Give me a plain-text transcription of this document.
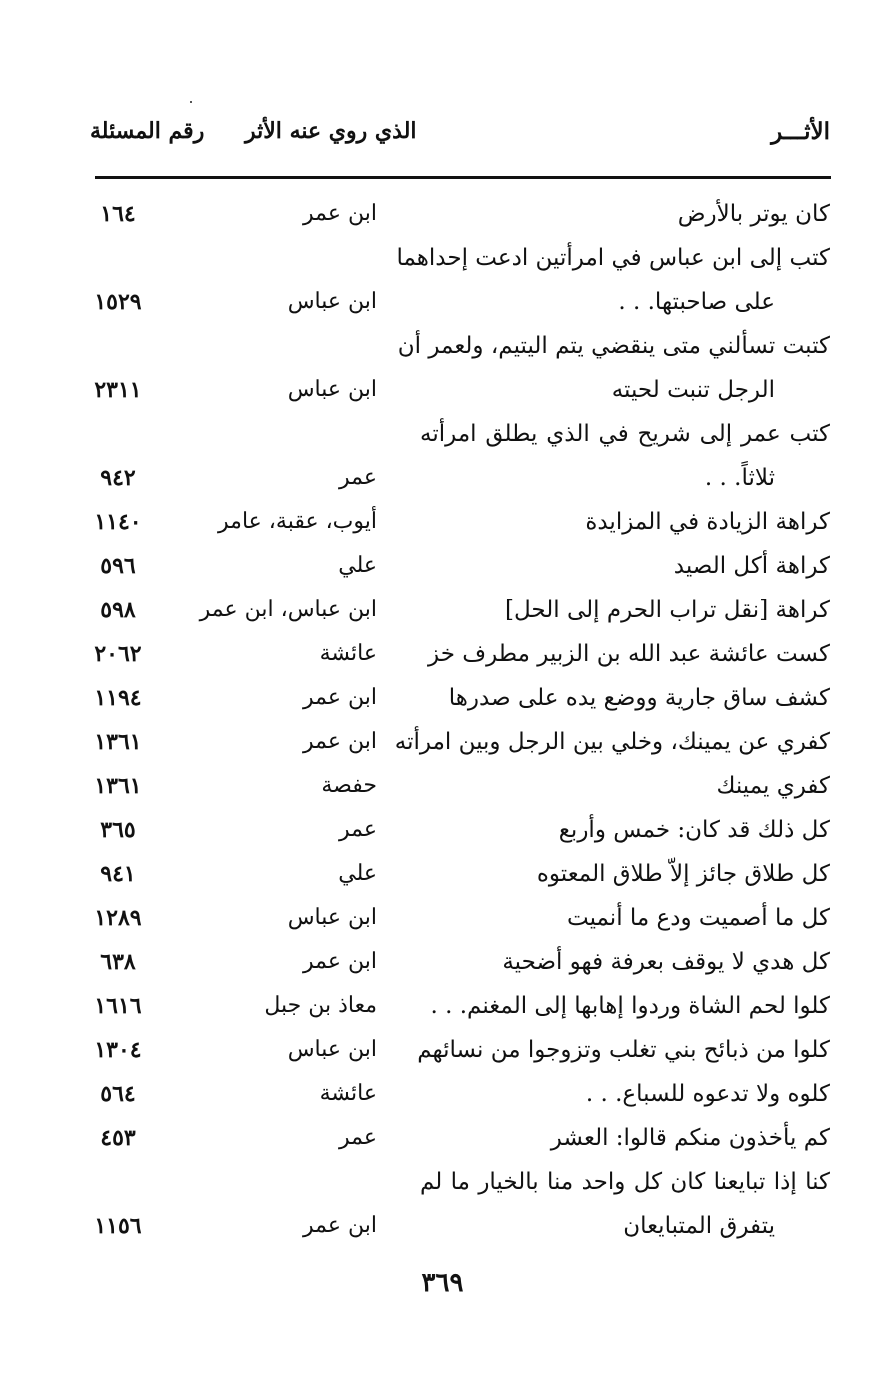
الأثـــر
الذي روي عنه الأثر
رقم المسئلة
كان يوتر بالأرض
ابن عمر
١٦٤
كتب إلى ابن عباس في امرأتين ادعت إحداهما
على صاحبتها. . .
ابن عباس
١٥٢٩
كتبت تسألني متى ينقضي يتم اليتيم، ولعمر أن
الرجل تنبت لحيته
ابن عباس
٢٣١١
كتب عمر إلى شريح في الذي يطلق امرأته
ثلاثاً. . .
عمر
٩٤٢
كراهة الزيادة في المزايدة
أيوب، عقبة، عامر
١١٤٠
كراهة أكل الصيد
علي
٥٩٦
كراهة [نقل تراب الحرم إلى الحل]
ابن عباس، ابن عمر
٥٩٨
كست عائشة عبد الله بن الزبير مطرف خز
عائشة
٢٠٦٢
كشف ساق جارية ووضع يده على صدرها
ابن عمر
١١٩٤
كفري عن يمينك، وخلي بين الرجل وبين امرأته
ابن عمر
١٣٦١
كفري يمينك
حفصة
١٣٦١
كل ذلك قد كان: خمس وأربع
عمر
٣٦٥
كل طلاق جائز إلاّ طلاق المعتوه
علي
٩٤١
كل ما أصميت ودع ما أنميت
ابن عباس
١٢٨٩
كل هدي لا يوقف بعرفة فهو أضحية
ابن عمر
٦٣٨
كلوا لحم الشاة وردوا إهابها إلى المغنم. . .
معاذ بن جبل
١٦١٦
كلوا من ذبائح بني تغلب وتزوجوا من نسائهم
ابن عباس
١٣٠٤
كلوه ولا تدعوه للسباع. . .
عائشة
٥٦٤
كم يأخذون منكم قالوا: العشر
عمر
٤٥٣
كنا إذا تبايعنا كان كل واحد منا بالخيار ما لم
يتفرق المتبايعان
ابن عمر
١١٥٦
٣٦٩
